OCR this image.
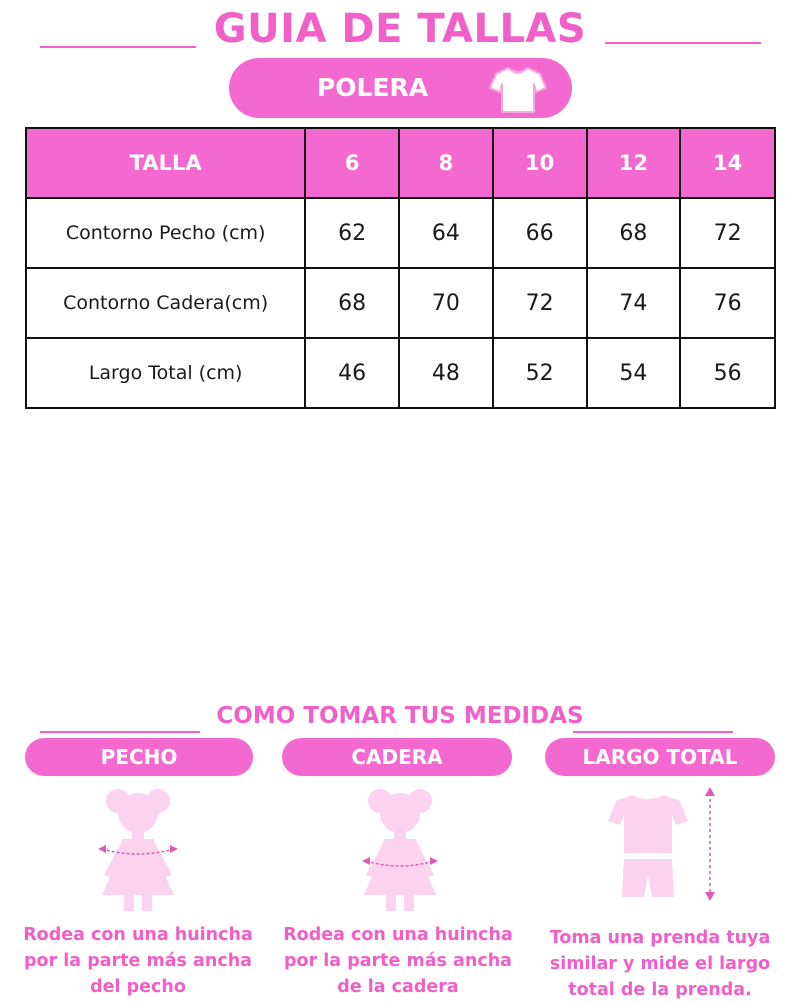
GUIA DE TALLAS
POLERA
TALLA	6	8	10	12	14
Contorno Pecho (cm)	62	64	66	68	72
Contorno Cadera(cm)	68	70	72	74	76
Largo Total (cm)	46	48	52	54	56
COMO TOMAR TUS MEDIDAS
PECHO	CADERA	LARGO TOTAL
Rodea con una huincha
por la parte más ancha
del pecho
Rodea con una huincha
por la parte más ancha
de la cadera
Toma una prenda tuya
similar y mide el largo
total de la prenda.
